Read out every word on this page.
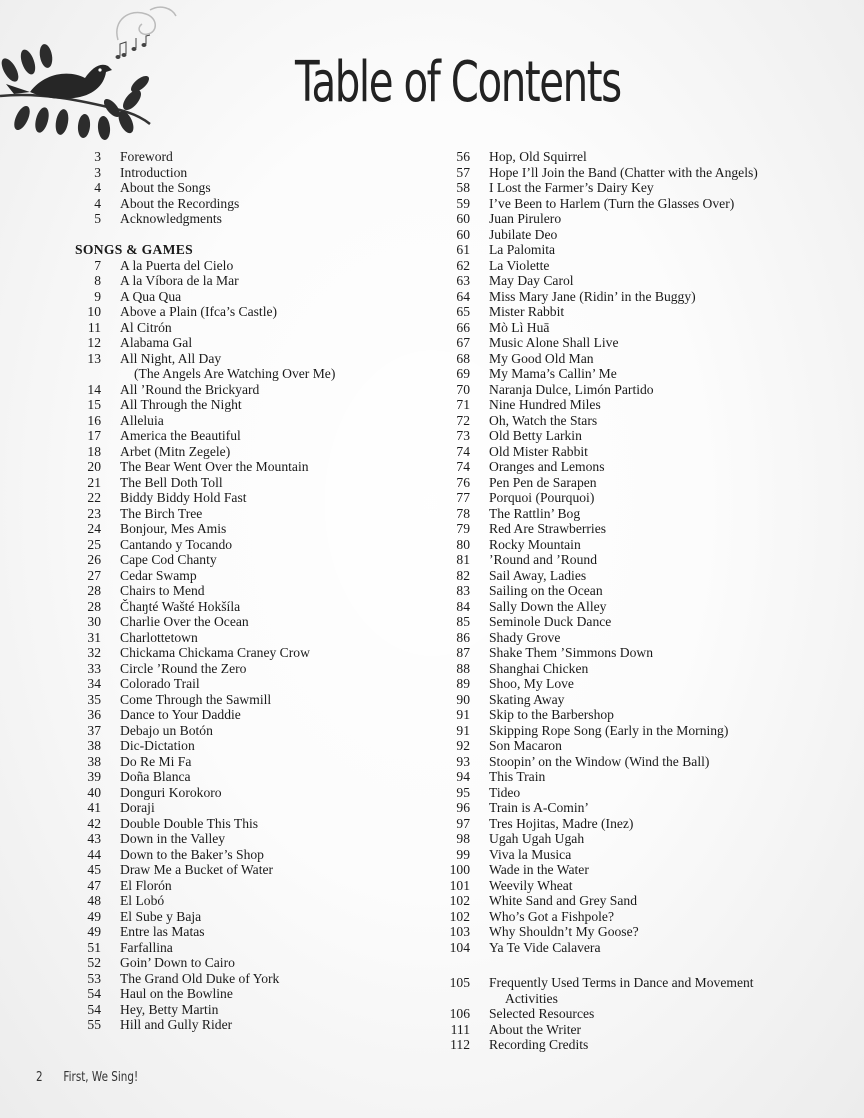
Table of Contents
3 Foreword
3 Introduction
4 About the Songs
4 About the Recordings
5 Acknowledgments
SONGS & GAMES
7 A la Puerta del Cielo
8 A la Víbora de la Mar
9 A Qua Qua
10 Above a Plain (Ifca’s Castle)
11 Al Citrón
12 Alabama Gal
13 All Night, All Day
(The Angels Are Watching Over Me)
14 All ’Round the Brickyard
15 All Through the Night
16 Alleluia
17 America the Beautiful
18 Arbet (Mitn Zegele)
20 The Bear Went Over the Mountain
21 The Bell Doth Toll
22 Biddy Biddy Hold Fast
23 The Birch Tree
24 Bonjour, Mes Amis
25 Cantando y Tocando
26 Cape Cod Chanty
27 Cedar Swamp
28 Chairs to Mend
28 Čhaŋté Wašté Hokšíla
30 Charlie Over the Ocean
31 Charlottetown
32 Chickama Chickama Craney Crow
33 Circle ’Round the Zero
34 Colorado Trail
35 Come Through the Sawmill
36 Dance to Your Daddie
37 Debajo un Botón
38 Dic-Dictation
38 Do Re Mi Fa
39 Doña Blanca
40 Donguri Korokoro
41 Doraji
42 Double Double This This
43 Down in the Valley
44 Down to the Baker’s Shop
45 Draw Me a Bucket of Water
47 El Florón
48 El Lobó
49 El Sube y Baja
49 Entre las Matas
51 Farfallina
52 Goin’ Down to Cairo
53 The Grand Old Duke of York
54 Haul on the Bowline
54 Hey, Betty Martin
55 Hill and Gully Rider
56 Hop, Old Squirrel
57 Hope I’ll Join the Band (Chatter with the Angels)
58 I Lost the Farmer’s Dairy Key
59 I’ve Been to Harlem (Turn the Glasses Over)
60 Juan Pirulero
60 Jubilate Deo
61 La Palomita
62 La Violette
63 May Day Carol
64 Miss Mary Jane (Ridin’ in the Buggy)
65 Mister Rabbit
66 Mò Lì Huā
67 Music Alone Shall Live
68 My Good Old Man
69 My Mama’s Callin’ Me
70 Naranja Dulce, Limón Partido
71 Nine Hundred Miles
72 Oh, Watch the Stars
73 Old Betty Larkin
74 Old Mister Rabbit
74 Oranges and Lemons
76 Pen Pen de Sarapen
77 Porquoi (Pourquoi)
78 The Rattlin’ Bog
79 Red Are Strawberries
80 Rocky Mountain
81 ’Round and ’Round
82 Sail Away, Ladies
83 Sailing on the Ocean
84 Sally Down the Alley
85 Seminole Duck Dance
86 Shady Grove
87 Shake Them ’Simmons Down
88 Shanghai Chicken
89 Shoo, My Love
90 Skating Away
91 Skip to the Barbershop
91 Skipping Rope Song (Early in the Morning)
92 Son Macaron
93 Stoopin’ on the Window (Wind the Ball)
94 This Train
95 Tideo
96 Train is A-Comin’
97 Tres Hojitas, Madre (Inez)
98 Ugah Ugah Ugah
99 Viva la Musica
100 Wade in the Water
101 Weevily Wheat
102 White Sand and Grey Sand
102 Who’s Got a Fishpole?
103 Why Shouldn’t My Goose?
104 Ya Te Vide Calavera
105 Frequently Used Terms in Dance and Movement
Activities
106 Selected Resources
111 About the Writer
112 Recording Credits
2 First, We Sing!
